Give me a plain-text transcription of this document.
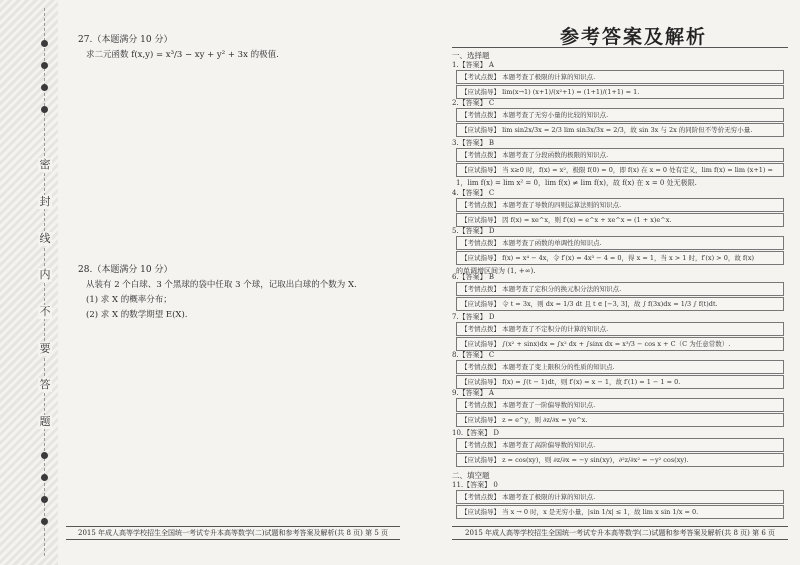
密
封
线
内
不
要
答
题
27.（本题满分 10 分）
求二元函数 f(x,y) = x³/3 − xy + y² + 3x 的极值.
28.（本题满分 10 分）
从装有 2 个白球、3 个黑球的袋中任取 3 个球，记取出白球的个数为 X.
(1) 求 X 的概率分布；
(2) 求 X 的数学期望 E(X).
2015 年成人高等学校招生全国统一考试专升本高等数学(二)试题和参考答案及解析(共 8 页) 第 5 页
参考答案及解析
一、选择题
1.【答案】 A
【考试点拨】 本题考查了极限的计算的知识点.
【应试指导】 lim(x→1) (x+1)/(x²+1) = (1+1)/(1+1) = 1.
2.【答案】 C
【考情点拨】 本题考查了无穷小量的比较的知识点.
【应试指导】 lim sin2x/3x = 2/3 lim sin3x/3x = 2/3，故 sin 3x 与 2x 的同阶但不等价无穷小量.
3.【答案】 B
【考情点拨】 本题考查了分段函数的极限的知识点.
【应试指导】 当 x≥0 时，f(x) = x²，极限 f(0) = 0，即 f(x) 在 x = 0 处有定义，lim f(x) = lim (x+1) =
1，lim f(x) = lim x² = 0，lim f(x) ≠ lim f(x)，故 f(x) 在 x = 0 处无极限.
4.【答案】 C
【考情点拨】 本题考查了导数的四则运算法则的知识点.
【应试指导】 因 f(x) = xe^x，则 f′(x) = e^x + xe^x = (1 + x)e^x.
5.【答案】 D
【考情点拨】 本题考查了函数的单调性的知识点.
【应试指导】 f(x) = x⁴ − 4x，令 f′(x) = 4x³ − 4 = 0，得 x = 1，当 x > 1 时，f′(x) > 0，故 f(x)
的单调增区间为 (1, +∞).
6.【答案】 B
【考情点拨】 本题考查了定积分的换元积分法的知识点.
【应试指导】 令 t = 3x，则 dx = 1/3 dt 且 t ∈ [−3, 3]，故 ∫ f(3x)dx = 1/3 ∫ f(t)dt.
7.【答案】 D
【考情点拨】 本题考查了不定积分的计算的知识点.
【应试指导】 ∫(x² + sinx)dx = ∫x² dx + ∫sinx dx = x³/3 − cos x + C（C 为任意常数）.
8.【答案】 C
【考情点拨】 本题考查了变上限积分的性质的知识点.
【应试指导】 f(x) = ∫(t − 1)dt，则 f′(x) = x − 1，故 f′(1) = 1 − 1 = 0.
9.【答案】 A
【考情点拨】 本题考查了一阶偏导数的知识点.
【应试指导】 z = e^y，则 ∂z/∂x = ye^x.
10.【答案】 D
【考情点拨】 本题考查了高阶偏导数的知识点.
【应试指导】 z = cos(xy)，则 ∂z/∂x = −y sin(xy)，∂²z/∂x² = −y² cos(xy).
11.【答案】 0
【考情点拨】 本题考查了极限的计算的知识点.
【应试指导】 当 x → 0 时，x 是无穷小量，|sin 1/x| ≤ 1，故 lim x sin 1/x = 0.
二、填空题
2015 年成人高等学校招生全国统一考试专升本高等数学(二)试题和参考答案及解析(共 8 页) 第 6 页
